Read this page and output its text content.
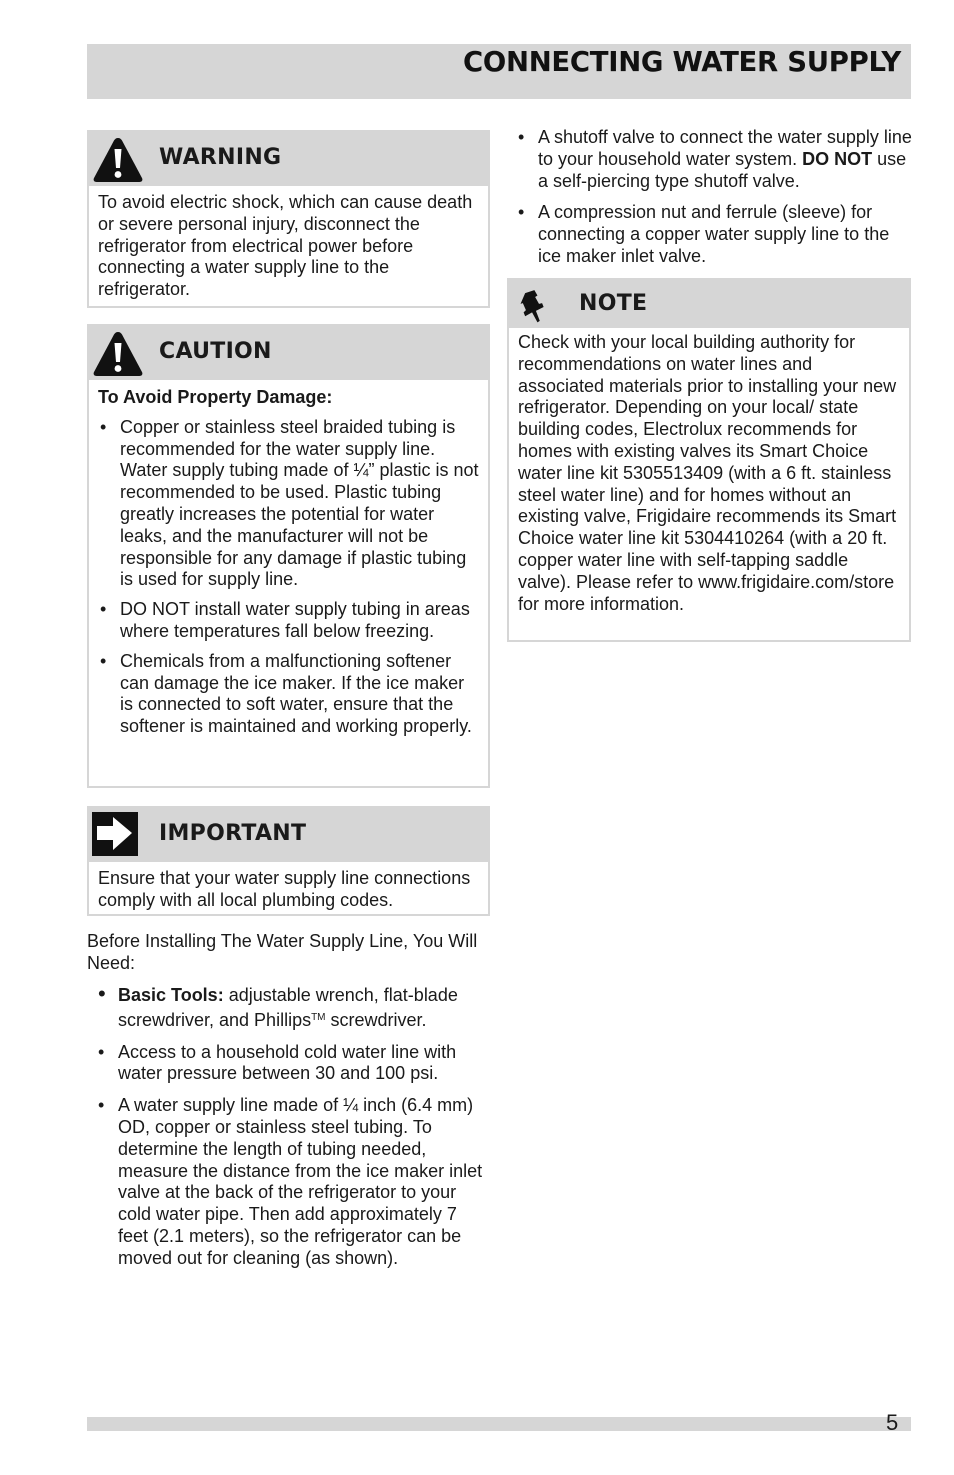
CONNECTING WATER SUPPLY
WARNING
To avoid electric shock, which can cause death or severe personal injury, disconnect the refrigerator from electrical power before connecting a water supply line to the refrigerator.
CAUTION

To Avoid Property Damage:

• Copper or stainless steel braided tubing is recommended for the water supply line. Water supply tubing made of ¼” plastic is not recommended to be used. Plastic tubing greatly increases the potential for water leaks, and the manufacturer will not be responsible for any damage if plastic tubing is used for supply line.
• DO NOT install water supply tubing in areas where temperatures fall below freezing.
• Chemicals from a malfunctioning softener can damage the ice maker. If the ice maker is connected to soft water, ensure that the softener is maintained and working properly.
IMPORTANT
Ensure that your water supply line connections comply with all local plumbing codes.
Before Installing The Water Supply Line, You Will Need:
• Basic Tools: adjustable wrench, flat-blade screwdriver, and Phillips™ screwdriver.
• Access to a household cold water line with water pressure between 30 and 100 psi.
• A water supply line made of ¼ inch (6.4 mm) OD, copper or stainless steel tubing. To determine the length of tubing needed, measure the distance from the ice maker inlet valve at the back of the refrigerator to your cold water pipe. Then add approximately 7 feet (2.1 meters), so the refrigerator can be moved out for cleaning (as shown).
• A shutoff valve to connect the water supply line to your household water system. DO NOT use a self-piercing type shutoff valve.
• A compression nut and ferrule (sleeve) for connecting a copper water supply line to the ice maker inlet valve.
NOTE
Check with your local building authority for recommendations on water lines and associated materials prior to installing your new refrigerator. Depending on your local/ state building codes, Electrolux recommends for homes with existing valves its Smart Choice water line kit 5305513409 (with a 6 ft. stainless steel water line) and for homes without an existing valve, Frigidaire recommends its Smart Choice water line kit 5304410264 (with a 20 ft. copper water line with self-tapping saddle valve). Please refer to www.frigidaire.com/store for more information.
5
